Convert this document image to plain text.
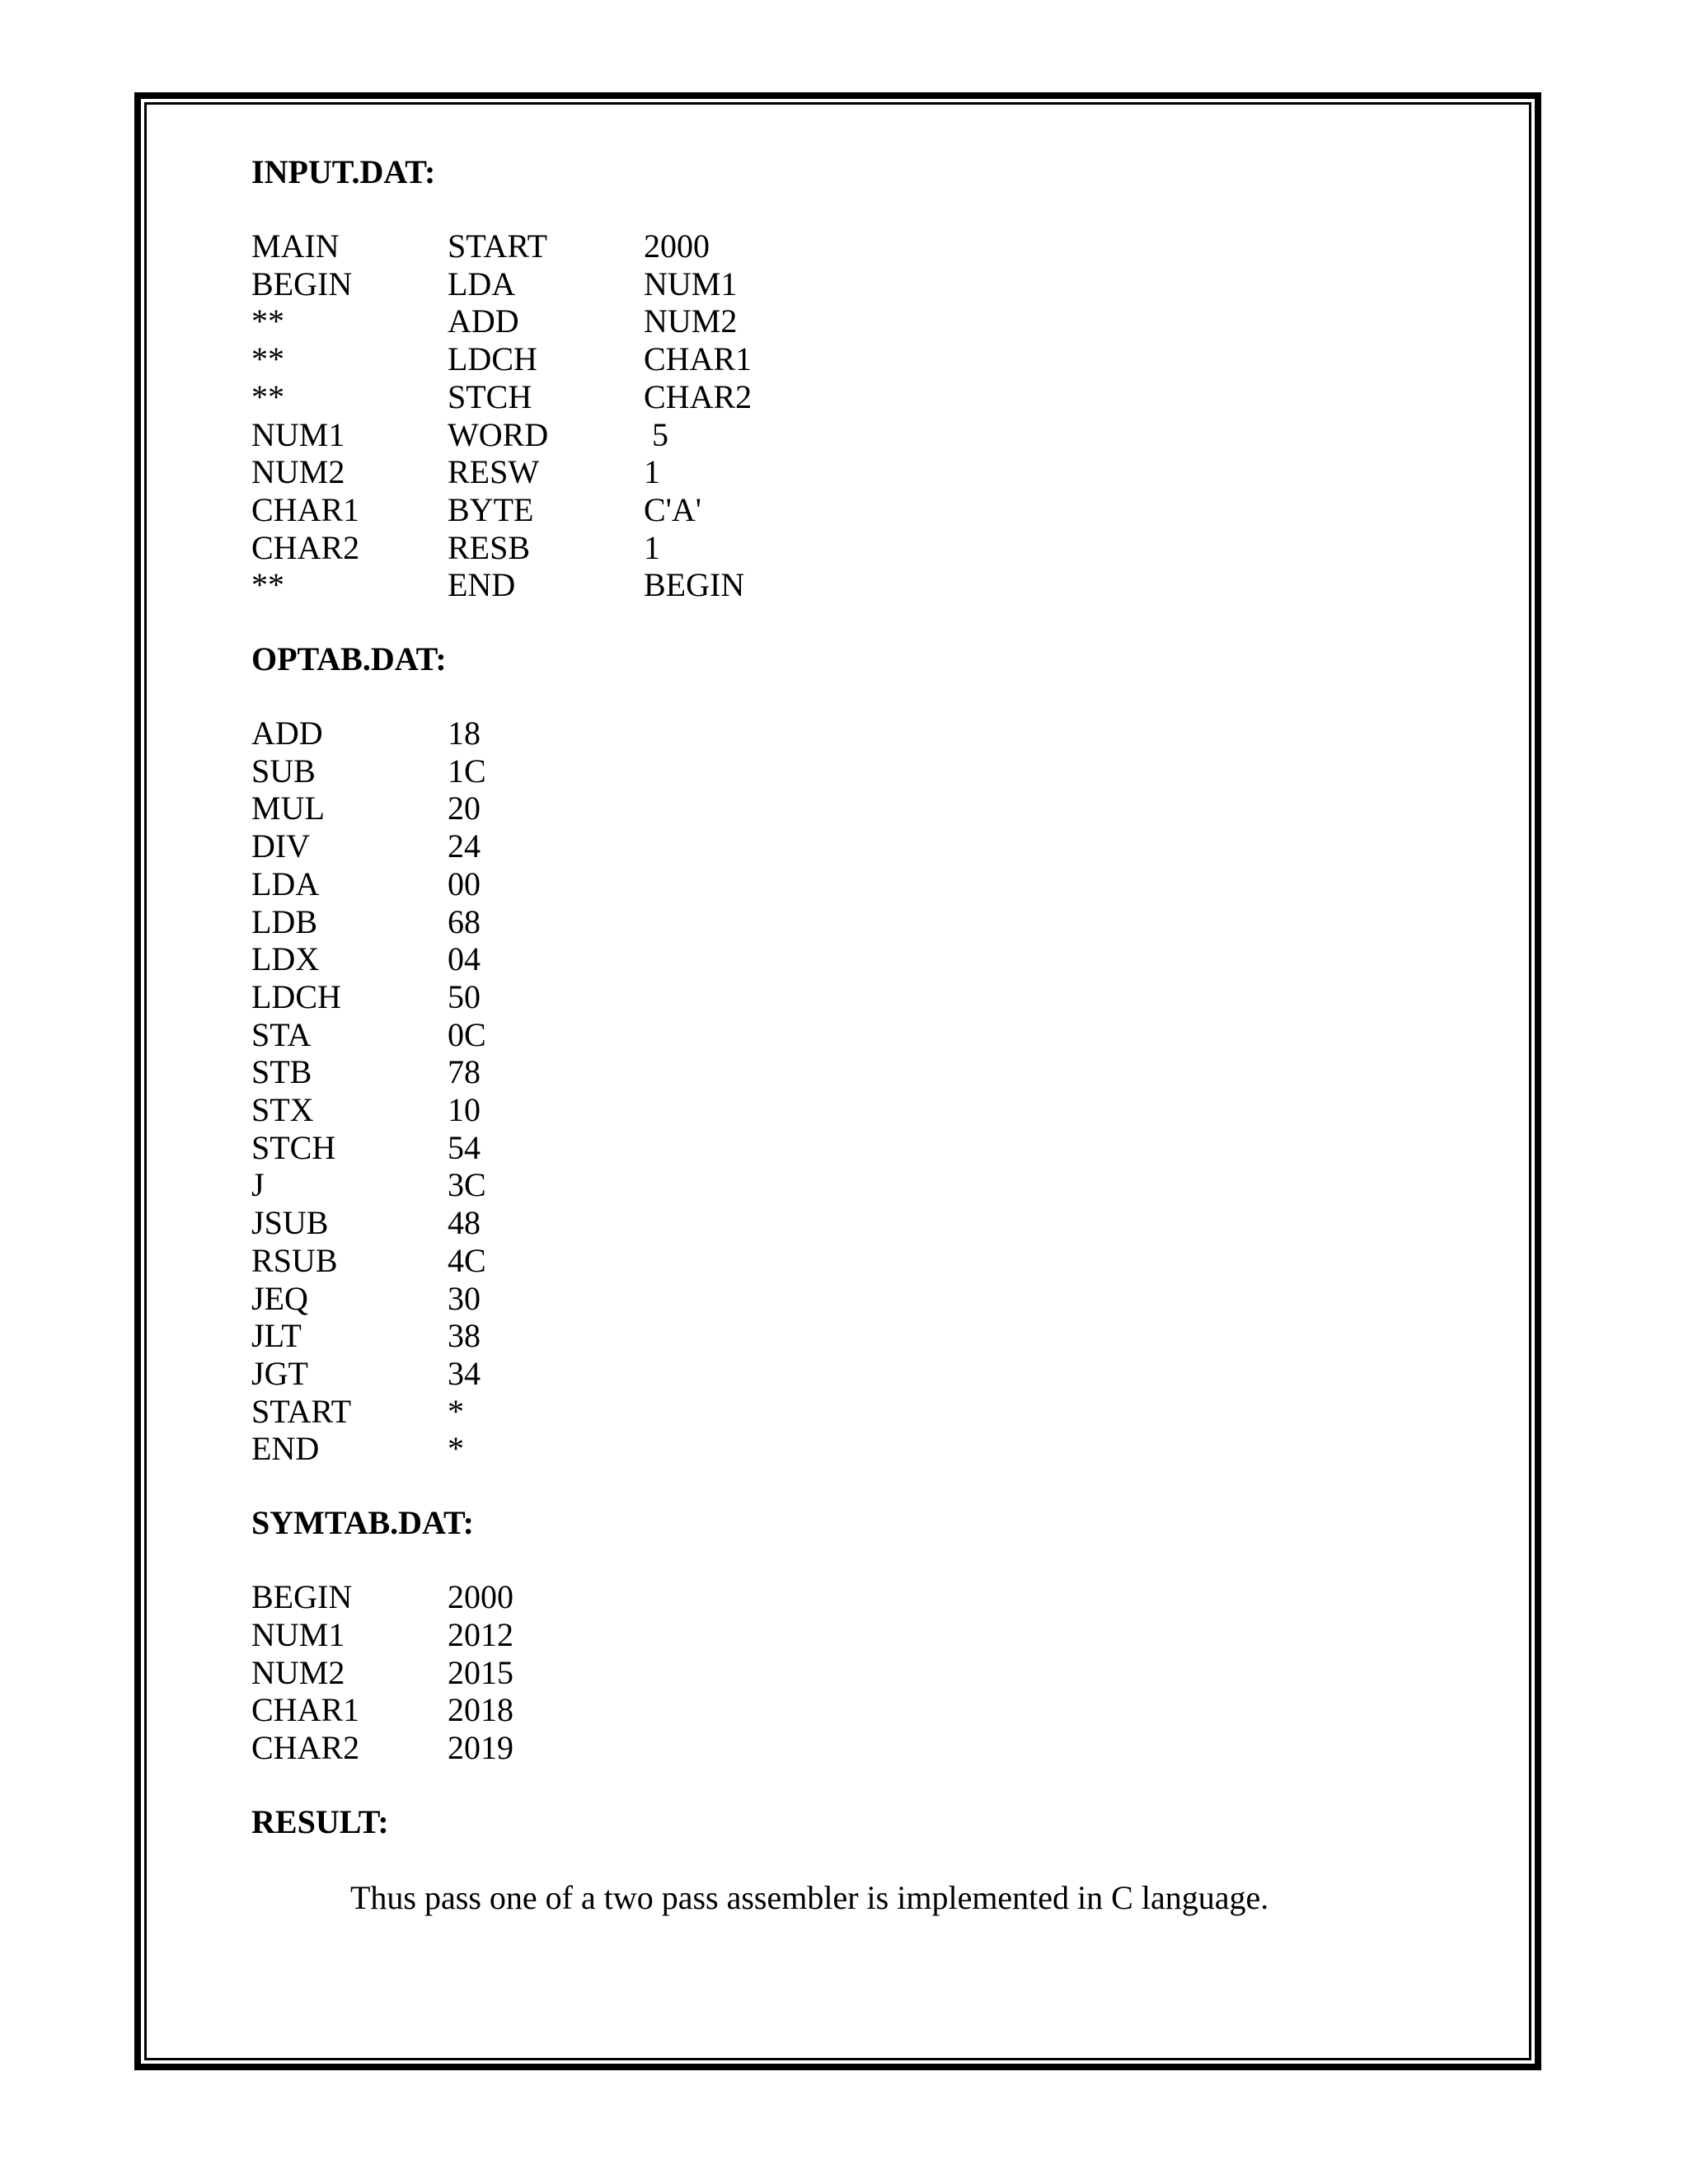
INPUT.DAT:
MAIN	START	2000
BEGIN	LDA	NUM1
**	ADD	NUM2
**	LDCH	CHAR1
**	STCH	CHAR2
NUM1	WORD	5
NUM2	RESW	1
CHAR1	BYTE	C'A'
CHAR2	RESB	1
**	END	BEGIN
OPTAB.DAT:
ADD	18
SUB	1C
MUL	20
DIV	24
LDA	00
LDB	68
LDX	04
LDCH	50
STA	0C
STB	78
STX	10
STCH	54
J	3C
JSUB	48
RSUB	4C
JEQ	30
JLT	38
JGT	34
START	*
END	*
SYMTAB.DAT:
BEGIN	2000
NUM1	2012
NUM2	2015
CHAR1	2018
CHAR2	2019
RESULT:
Thus pass one of a two pass assembler is implemented in C language.
